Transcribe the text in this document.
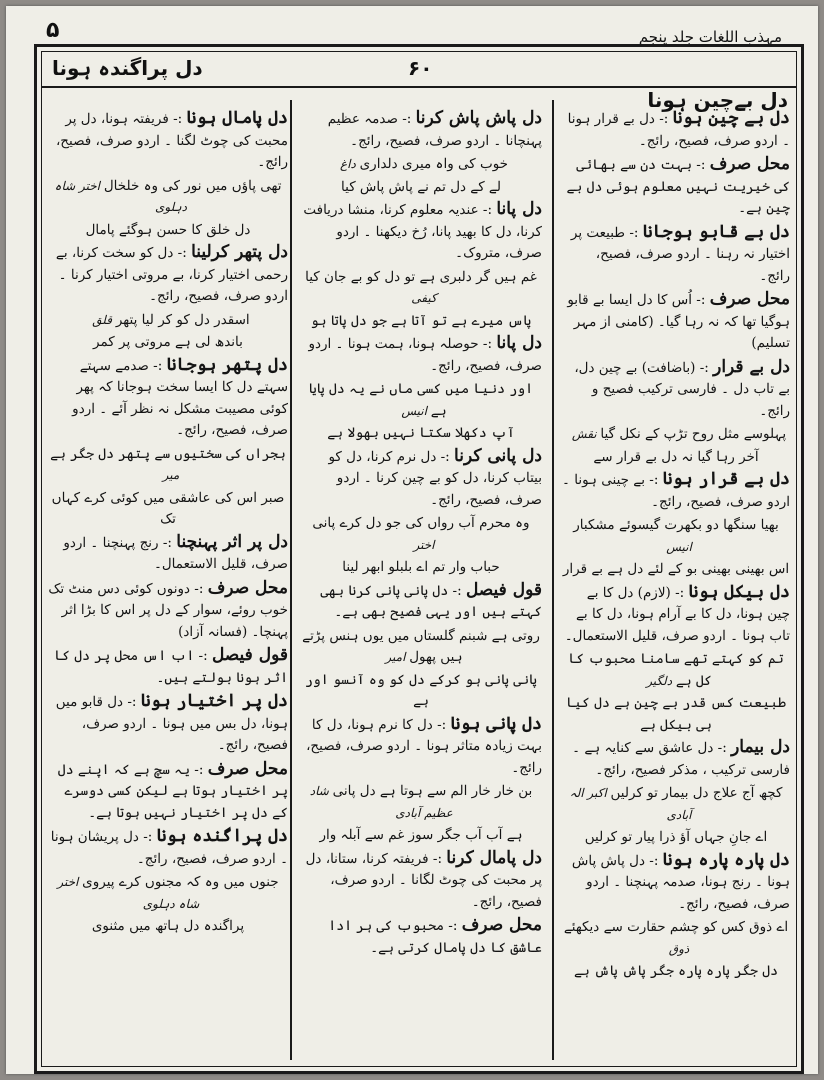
۵	مہذب اللغات جلد پنجم
دل پراگندہ ہونا	۶۰
دل بےچین ہونا
دل بے چین ہونا :- دل بے قرار ہونا ۔ اردو صرف، فصیح، رائج۔
محل صرف :- بہت دن سے بھائی کی خیریت نہیں معلوم ہوئی دل بے چین ہے۔
دل بے قابو ہوجانا :- طبیعت پر اختیار نہ رہنا ۔ اردو صرف، فصیح، رائج۔
محل صرف :- اُس کا دل ایسا بے قابو ہوگیا تھا کہ نہ رہا گیا۔ (کامنی از مہر تسلیم)
دل بے قرار :- (باضافت) بے چین دل، بے تاب دل ۔ فارسی ترکیب فصیح و رائج۔
پہلوسے مثل روح تڑپ کے نکل گیا نقش
آخر رہا گیا نہ دل بے قرار سے
دل بے قرار ہونا :- بے چینی ہونا ۔ اردو صرف، فصیح، رائج۔
بھیا سنگھا دو بکھرت گیسوئے مشکبار انیس
اس بھینی بھینی بو کے لئے دل ہے بے قرار
دل بیکل ہونا :- (لازم) دل کا بے چین ہونا، دل کا بے آرام ہونا، دل کا بے تاب ہونا ۔ اردو صرف، قلیل الاستعمال۔
تم کو کہتے تھے سامنا محبوب کا کل ہے دلگیر
طبیعت کس قدر بے چین ہے دل کیا ہی بیکل ہے
دل بیمار :- دل عاشق سے کنایہ ہے ۔ فارسی ترکیب ، مذکر فصیح، رائج۔
کچھ آج علاج دل بیمار تو کرلیں اکبر الہ آبادی
اے جانِ جہاں آؤ ذرا پیار تو کرلیں
دل پارہ پارہ ہونا :- دل پاش پاش ہونا ۔ رنج ہونا، صدمہ پہنچنا ۔ اردو صرف، فصیح، رائج۔
اے ذوق کس کو چشم حقارت سے دیکھئے ذوق
دل جگر پارہ پارہ جگر پاش پاش ہے
دل پاش پاش کرنا :- صدمہ عظیم پہنچانا ۔ اردو صرف، فصیح، رائج۔
خوب کی واہ میری دلداری داغ
لے کے دل تم نے پاش پاش کیا
دل پانا :- عندیہ معلوم کرنا، منشا دریافت کرنا، دل کا بھید پانا، رُخ دیکھنا ۔ اردو صرف، متروک۔
غم ہیں گر دلبری ہے تو دل کو بے جان کیا کیفی
پاس میرے ہے تو آتا ہے جو دل پاتا ہو
دل پانا :- حوصلہ ہونا، ہمت ہونا ۔ اردو صرف، فصیح، رائج۔
اور دنیا میں کسی ماں نے یہ دل پایا ہے انیس
آپ دکھلا سکتا نہیں بھولا ہے
دل پانی کرنا :- دل نرم کرنا، دل کو بیتاب کرنا، دل کو بے چین کرنا ۔ اردو صرف، فصیح، رائج۔
وہ محرم آب رواں کی جو دل کرے پانی اختر
حباب وار تم اے بلبلو ابھر لینا
قول فیصل :- دل پانی پانی کرنا بھی کہتے ہیں اور یہی فصیح بھی ہے۔
روتی ہے شبنم گلستاں میں یوں ہنس پڑتے ہیں پھول امیر
پانی پانی ہو کرکے دل کو وہ آنسو اور ہے
دل پانی ہونا :- دل کا نرم ہونا، دل کا بہت زیادہ متاثر ہونا ۔ اردو صرف، فصیح، رائج۔
بن خار خار الم سے ہوتا ہے دل پانی شاد عظیم آبادی
ہے آب آب جگر سوز غم سے آبلہ وار
دل پامال کرنا :- فریفتہ کرنا، ستانا، دل پر محبت کی چوٹ لگانا ۔ اردو صرف، فصیح، رائج۔
محل صرف :- محبوب کی ہر ادا عاشق کا دل پامال کرتی ہے۔
دل پامال ہونا :- فریفتہ ہونا، دل پر محبت کی چوٹ لگنا ۔ اردو صرف، فصیح، رائج۔
تھی پاؤں میں نور کی وہ خلخال اختر شاہ دہلوی
دل خلق کا حسن ہوگئے پامال
دل پتھر کرلینا :- دل کو سخت کرنا، بے رحمی اختیار کرنا، بے مروتی اختیار کرنا ۔ اردو صرف، فصیح، رائج۔
اسقدر دل کو کر لیا پتھر قلق
باندھ لی ہے مروتی پر کمر
دل پتھر ہوجانا :- صدمے سہتے سہتے دل کا ایسا سخت ہوجانا کہ پھر کوئی مصیبت مشکل نہ نظر آئے ۔ اردو صرف، فصیح، رائج۔
ہجراں کی سختیوں سے پتھر دل جگر ہے میر
صبر اس کی عاشقی میں کوئی کرے کہاں تک
دل پر اثر پہنچنا :- رنج پہنچنا ۔ اردو صرف، قلیل الاستعمال۔
محل صرف :- دونوں کوئی دس منٹ تک خوب روئے، سوار کے دل پر اس کا بڑا اثر پہنچا۔ (فسانہ آزاد)
قول فیصل :- اب اس محل پر دل کا اثر ہونا بولتے ہیں۔
دل پر اختیار ہونا :- دل قابو میں ہونا، دل بس میں ہونا ۔ اردو صرف، فصیح، رائج۔
محل صرف :- یہ سچ ہے کہ اپنے دل پر اختیار ہوتا ہے لیکن کسی دوسرے کے دل پر اختیار نہیں ہوتا ہے۔
دل پراگندہ ہونا :- دل پریشان ہونا ۔ اردو صرف، فصیح، رائج۔
جنوں میں وہ کہ مجنوں کرے پیروی اختر شاہ دہلوی
پراگندہ دل ہاتھ میں مثنوی
